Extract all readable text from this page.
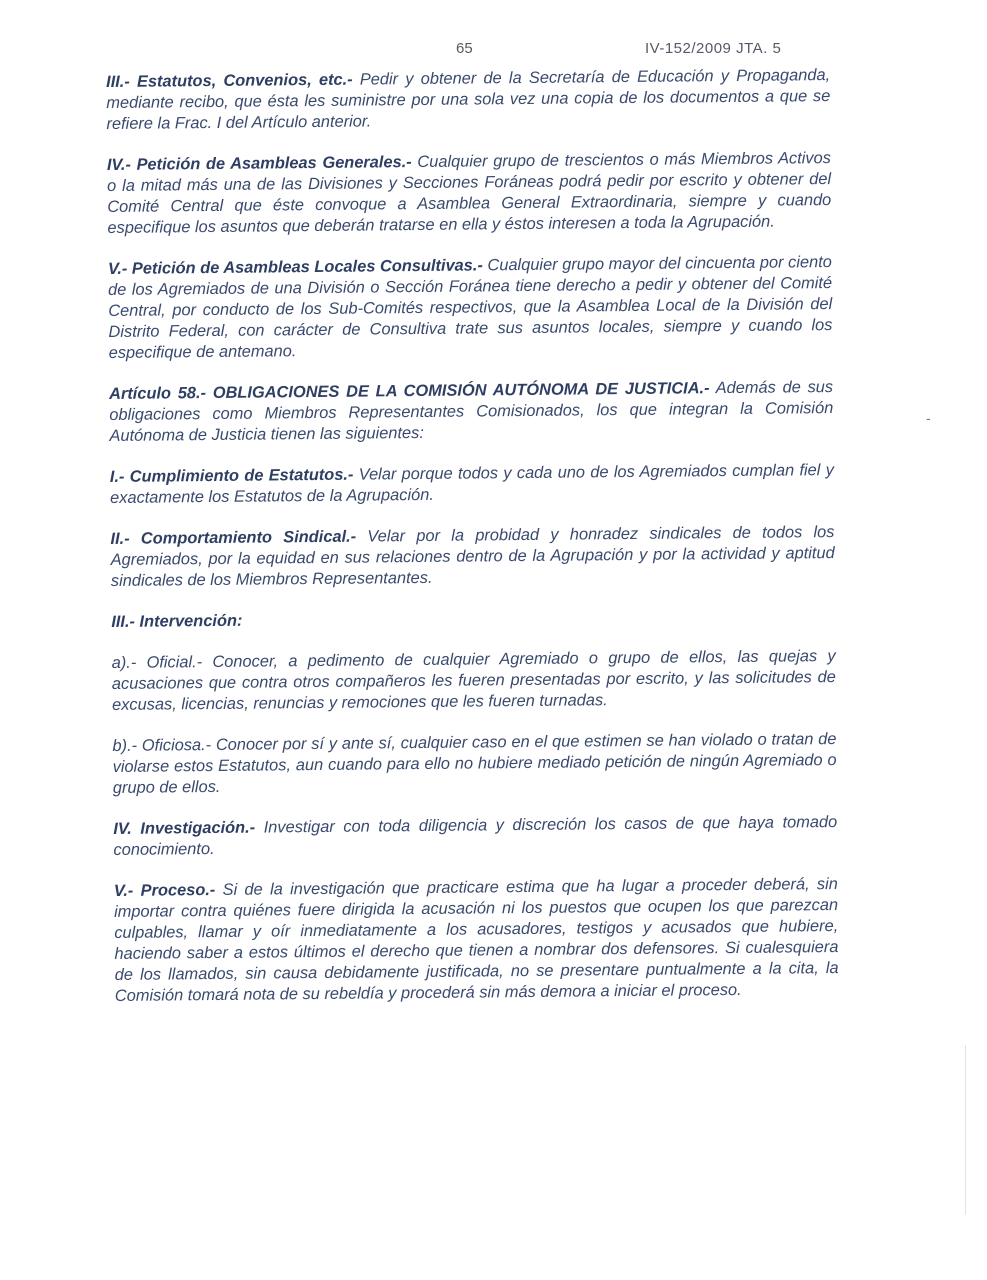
65	IV-152/2009 JTA. 5

III.- Estatutos, Convenios, etc.- Pedir y obtener de la Secretaría de Educación y Propaganda, mediante recibo, que ésta les suministre por una sola vez una copia de los documentos a que se refiere la Frac. I del Artículo anterior.

IV.- Petición de Asambleas Generales.- Cualquier grupo de trescientos o más Miembros Activos o la mitad más una de las Divisiones y Secciones Foráneas podrá pedir por escrito y obtener del Comité Central que éste convoque a Asamblea General Extraordinaria, siempre y cuando especifique los asuntos que deberán tratarse en ella y éstos interesen a toda la Agrupación.

V.- Petición de Asambleas Locales Consultivas.- Cualquier grupo mayor del cincuenta por ciento de los Agremiados de una División o Sección Foránea tiene derecho a pedir y obtener del Comité Central, por conducto de los Sub-Comités respectivos, que la Asamblea Local de la División del Distrito Federal, con carácter de Consultiva trate sus asuntos locales, siempre y cuando los especifique de antemano.

Artículo 58.- OBLIGACIONES DE LA COMISIÓN AUTÓNOMA DE JUSTICIA.- Además de sus obligaciones como Miembros Representantes Comisionados, los que integran la Comisión Autónoma de Justicia tienen las siguientes:

I.- Cumplimiento de Estatutos.- Velar porque todos y cada uno de los Agremiados cumplan fiel y exactamente los Estatutos de la Agrupación.

II.- Comportamiento Sindical.- Velar por la probidad y honradez sindicales de todos los Agremiados, por la equidad en sus relaciones dentro de la Agrupación y por la actividad y aptitud sindicales de los Miembros Representantes.

III.- Intervención:

a).- Oficial.- Conocer, a pedimento de cualquier Agremiado o grupo de ellos, las quejas y acusaciones que contra otros compañeros les fueren presentadas por escrito, y las solicitudes de excusas, licencias, renuncias y remociones que les fueren turnadas.

b).- Oficiosa.- Conocer por sí y ante sí, cualquier caso en el que estimen se han violado o tratan de violarse estos Estatutos, aun cuando para ello no hubiere mediado petición de ningún Agremiado o grupo de ellos.

IV. Investigación.- Investigar con toda diligencia y discreción los casos de que haya tomado conocimiento.

V.- Proceso.- Si de la investigación que practicare estima que ha lugar a proceder deberá, sin importar contra quiénes fuere dirigida la acusación ni los puestos que ocupen los que parezcan culpables, llamar y oír inmediatamente a los acusadores, testigos y acusados que hubiere, haciendo saber a estos últimos el derecho que tienen a nombrar dos defensores. Si cualesquiera de los llamados, sin causa debidamente justificada, no se presentare puntualmente a la cita, la Comisión tomará nota de su rebeldía y procederá sin más demora a iniciar el proceso.

-
